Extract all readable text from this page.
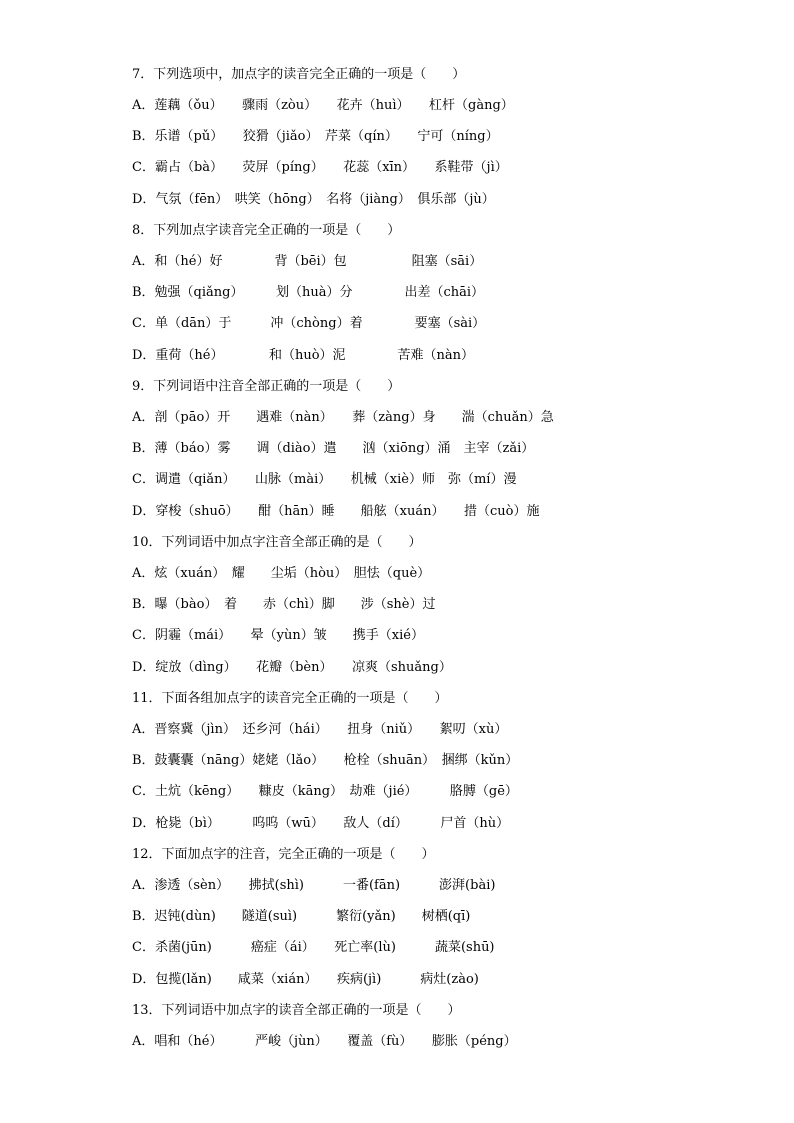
7．下列选项中，加点字的读音完全正确的一项是（　　）
A．莲藕（ǒu）　　骤雨（zòu）　　花卉（huì）　　杠杆（gàng）
B．乐谱（pǔ）　　狡猾（jiǎo）　芹菜（qín）　　宁可（níng）
C．霸占（bà）　　荧屏（píng）　　花蕊（xīn）　　系鞋带（jì）
D．气氛（fēn）　哄笑（hōng）　名将（jiàng）　俱乐部（jù）
8．下列加点字读音完全正确的一项是（　　）
A．和（hé）好　　　　背（bēi）包　　　　　阻塞（sāi）
B．勉强（qiǎng）　　　划（huà）分　　　　出差（chāi）
C．单（dān）于　　　冲（chòng）着　　　　要塞（sài）
D．重荷（hé）　　　　和（huò）泥　　　　苦难（nàn）
9．下列词语中注音全部正确的一项是（　　）
A．剖（pāo）开　　遇难（nàn）　　葬（zàng）身　　湍（chuǎn）急
B．薄（báo）雾　　调（diào）遣　　汹（xiōng）涌　主宰（zǎi）
C．调遣（qiǎn）　　山脉（mài）　　机械（xiè）师　弥（mí）漫
D．穿梭（shuō）　　酣（hān）睡　　船舷（xuán）　　措（cuò）施
10．下列词语中加点字注音全部正确的是（　　）
A．炫（xuán）　耀　　尘垢（hòu）　胆怯（què）
B．曝（bào）　着　　赤（chì）脚　　涉（shè）过
C．阴霾（mái）　　晕（yùn）皱　　携手（xié）
D．绽放（dìng）　　花瓣（bèn）　　凉爽（shuǎng）
11．下面各组加点字的读音完全正确的一项是（　　）
A．晋察冀（jìn）　还乡河（hái）　　扭身（niǔ）　　絮叨（xù）
B．鼓囊囊（nāng）姥姥（lǎo）　　枪栓（shuān）　捆绑（kǔn）
C．土炕（kēng）　　糠皮（kāng）　劫难（jié）　　　胳膊（gē）
D．枪毙（bì）　　　呜呜（wū）　　敌人（dí）　　　尸首（hù）
12．下面加点字的注音，完全正确的一项是（　　）
A．渗透（sèn）　　拂拭(shì)　　　一番(fān)　　　澎湃(bài)
B．迟钝(dùn)　　隧道(suì)　　　繁衍(yǎn)　　树栖(qī)
C．杀菌(jūn)　　　癌症（ái）　　死亡率(lù)　　　蔬菜(shū)
D．包揽(lǎn)　　咸菜（xián）　　疾病(jì)　　　病灶(zào)
13．下列词语中加点字的读音全部正确的一项是（　　）
A．唱和（hé）　　　严峻（jùn）　　覆盖（fù）　　膨胀（péng）
